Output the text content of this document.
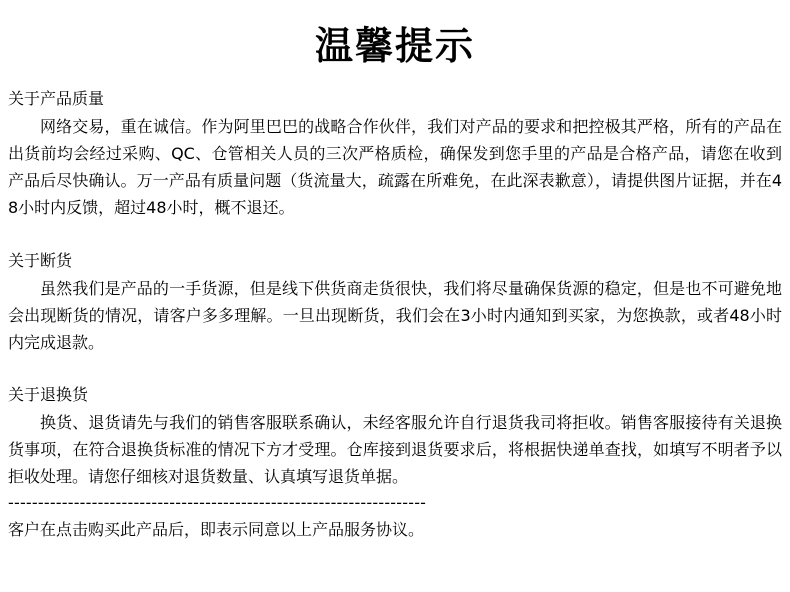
温馨提示
关于产品质量
网络交易，重在诚信。作为阿里巴巴的战略合作伙伴，我们对产品的要求和把控极其严格，所有的产品在出货前均会经过采购、QC、仓管相关人员的三次严格质检，确保发到您手里的产品是合格产品，请您在收到产品后尽快确认。万一产品有质量问题（货流量大，疏露在所难免，在此深表歉意），请提供图片证据，并在48小时内反馈，超过48小时，概不退还。
关于断货
虽然我们是产品的一手货源，但是线下供货商走货很快，我们将尽量确保货源的稳定，但是也不可避免地会出现断货的情况，请客户多多理解。一旦出现断货，我们会在3小时内通知到买家，为您换款，或者48小时内完成退款。
关于退换货
换货、退货请先与我们的销售客服联系确认，未经客服允许自行退货我司将拒收。销售客服接待有关退换货事项，在符合退换货标准的情况下方才受理。仓库接到退货要求后，将根据快递单查找，如填写不明者予以拒收处理。请您仔细核对退货数量、认真填写退货单据。
----------------------------------------------------------------------
客户在点击购买此产品后，即表示同意以上产品服务协议。
